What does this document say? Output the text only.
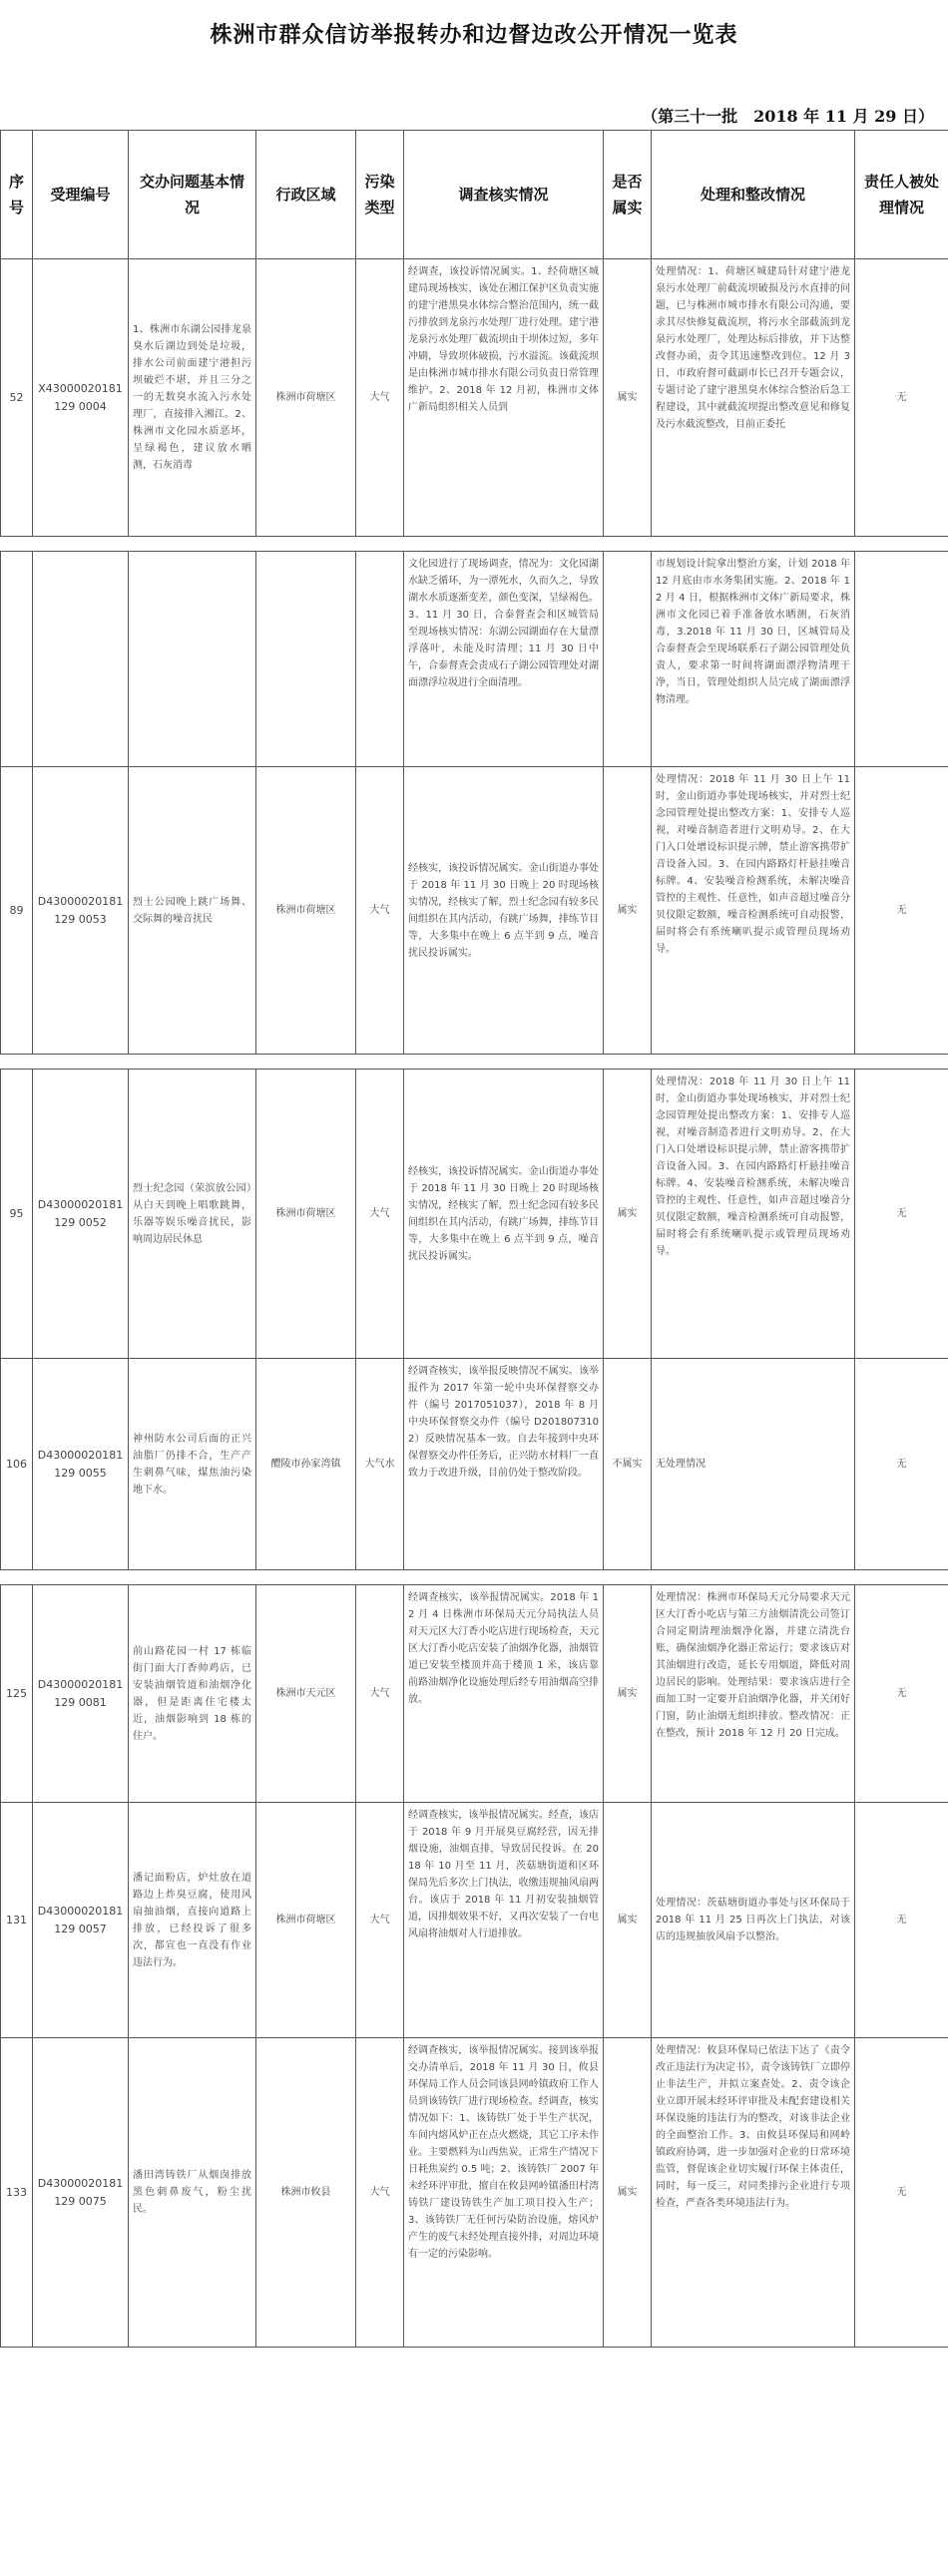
株洲市群众信访举报转办和边督边改公开情况一览表
（第三十一批　2018 年 11 月 29 日）
序号	受理编号	交办问题基本情况	行政区域	污染类型	调查核实情况	是否属实	处理和整改情况	责任人被处理情况
52	X43000020181129 0004	1、株洲市东湖公园排龙泉臭水后湖边到处是垃圾，排水公司前面建宁港担污坝破烂不堪，并且三分之一的无数臭水流入污水处理厂，直接排入湘江。2、株洲市文化园水质恶坏，呈绿褐色，建议放水晒测，石灰消毒	株洲市荷塘区	大气	经调查，该投诉情况属实。1、经荷塘区城建局现场核实，该处在湘江保护区负责实施的建宁港黑臭水体综合整治范围内，统一截污排放到龙泉污水处理厂进行处理。建宁港龙泉污水处理厂截流坝由于坝体过短，多年冲刷，导致坝体破损，污水溢流。该截流坝是由株洲市城市排水有限公司负责日常管理维护。2、2018 年 12 月初，株洲市文体广新局组织相关人员到	属实	处理情况：1、荷塘区城建局针对建宁港龙泉污水处理厂前截流坝破损及污水直排的问题，已与株洲市城市排水有限公司沟通，要求其尽快修复截流坝，将污水全部截流到龙泉污水处理厂，处理达标后排放，并下达整改督办函，责令其迅速整改到位。12 月 3 日，市政府督可截副市长已召开专题会议，专题讨论了建宁港黑臭水体综合整治后急工程建设，其中就截流坝提出整改意见和修复及污水截流整改，目前正委托	无

					文化园进行了现场调查，情况为：文化园湖水缺乏循环，为一潭死水，久而久之，导致湖水水质逐渐变差，颜色变深，呈绿褐色。3、11 月 30 日，合泰督查会和区城管局至现场核实情况：东湖公园湖面存在大量漂浮落叶，未能及时清理；11 月 30 日中午，合泰督查会责成石子湖公园管理处对湖面漂浮垃圾进行全面清理。		市规划设计院拿出整治方案，计划 2018 年 12 月底由市水务集团实施。2、2018 年 12 月 4 日，根据株洲市文体广新局要求，株洲市文化园已着手准备放水晒测，石灰消毒，3.2018 年 11 月 30 日，区城管局及合泰督查会至现场联系石子湖公园管理处负责人，要求第一时间将湖面漂浮物清理干净，当日，管理处组织人员完成了湖面漂浮物清理。	
89	D43000020181129 0053	烈士公园晚上跳广场舞、交际舞的噪音扰民	株洲市荷塘区	大气	经核实，该投诉情况属实。金山街道办事处于 2018 年 11 月 30 日晚上 20 时现场核实情况，经核实了解，烈士纪念园有较多民间组织在其内活动，有跳广场舞，排练节目等，大多集中在晚上 6 点半到 9 点，噪音扰民投诉属实。	属实	处理情况：2018 年 11 月 30 日上午 11 时，金山街道办事处现场核实，并对烈士纪念园管理处提出整改方案：1、安排专人巡视，对噪音制造者进行文明劝导。2、在大门入口处增设标识提示牌，禁止游客携带扩音设备入园。3、在园内路路灯杆悬挂噪音标牌。4、安装噪音检测系统，未解决噪音管控的主观性、任意性，如声音超过噪音分贝仪限定数额，噪音检测系统可自动报警，届时将会有系统喇叭提示或管理员现场劝导。	无

95	D43000020181129 0052	烈士纪念园（荣滨放公园）从白天到晚上唱歌跳舞，乐器等娱乐噪音扰民，影响周边居民休息	株洲市荷塘区	大气	经核实，该投诉情况属实。金山街道办事处于 2018 年 11 月 30 日晚上 20 时现场核实情况，经核实了解，烈士纪念园有较多民间组织在其内活动，有跳广场舞，排练节目等，大多集中在晚上 6 点半到 9 点，噪音扰民投诉属实。	属实	处理情况：2018 年 11 月 30 日上午 11 时，金山街道办事处现场核实，并对烈士纪念园管理处提出整改方案：1、安排专人巡视，对噪音制造者进行文明劝导。2、在大门入口处增设标识提示牌，禁止游客携带扩音设备入园。3、在园内路路灯杆悬挂噪音标牌。4、安装噪音检测系统，未解决噪音管控的主观性、任意性，如声音超过噪音分贝仪限定数额，噪音检测系统可自动报警，届时将会有系统喇叭提示或管理员现场劝导。	无
106	D43000020181129 0055	神州防水公司后面的正兴油脂厂仍排不合，生产产生刺鼻气味，煤焦油污染地下水。	醴陵市孙家湾镇	大气水	经调查核实，该举报反映情况不属实。该举报件为 2017 年第一轮中央环保督察交办件（编号 2017051037），2018 年 8 月中央环保督察交办件（编号 D2018073102）反映情况基本一致。自去年接到中央环保督察交办件任务后，正兴防水材料厂一直致力于改进升级，目前仍处于整改阶段。	不属实	无处理情况	无

125	D43000020181129 0081	前山路花园一村 17 栋临街门面大汀香帅鸡店，已安装油烟管道和油烟净化器，但是距离住宅楼太近，油烟影响到 18 栋的住户。	株洲市天元区	大气	经调查核实，该举报情况属实。2018 年 12 月 4 日株洲市环保局天元分局执法人员对天元区大汀香小吃店进行现场检查，天元区大汀香小吃店安装了油烟净化器，油烟管道已安装至楼顶并高于楼顶 1 米，该店靠前路油烟净化设施处理后经专用油烟高空排放。	属实	处理情况：株洲市环保局天元分局要求天元区大汀香小吃店与第三方油烟清洗公司签订合同定期清理油烟净化器，并建立清洗台账，确保油烟净化器正常运行；要求该店对其油烟进行改造，延长专用烟道，降低对周边居民的影响。处理结果：要求该店进行全面加工时一定要开启油烟净化器，并关闭好门窗，防止油烟无组织排放。整改情况：正在整改，预计 2018 年 12 月 20 日完成。	无
131	D43000020181129 0057	潘记面粉店，炉灶放在道路边上炸臭豆腐，使用风扇抽油烟，直接向道路上排放，已经投诉了很多次，都宣也一直没有作业违法行为。	株洲市荷塘区	大气	经调查核实，该举报情况属实。经查，该店于 2018 年 9 月开展臭豆腐经营，因无排烟设施，油烟直排，导致居民投诉。在 2018 年 10 月至 11 月，茨菇塘街道和区环保局先后多次上门执法，收缴违规抽风扇两台。该店于 2018 年 11 月初安装抽烟管道，因排烟效果不好，又再次安装了一台电风扇将油烟对人行道排放。	属实	处理情况：茨菇塘街道办事处与区环保局于 2018 年 11 月 25 日再次上门执法，对该店的违规抽放风扇予以整治。	无
133	D43000020181129 0075	潘田湾铸铁厂从烟囱排放黑色刺鼻废气，粉尘扰民。	株洲市攸县	大气	经调查核实，该举报情况属实。接到该举报交办清单后，2018 年 11 月 30 日，攸县环保局工作人员会同该县网岭镇政府工作人员到该铸铁厂进行现场检查。经调查，核实情况如下：1、该铸铁厂处于半生产状况，车间内熔风炉正在点火燃烧，其它工序未作业。主要燃料为山西焦炭，正常生产情况下日耗焦炭约 0.5 吨；2、该铸铁厂 2007 年未经环评审批，擅自在攸县网岭镇潘田村湾铸铁厂建设铸铁生产加工项目投入生产；3、该铸铁厂无任何污染防治设施，熔风炉产生的废气未经处理直接外排，对周边环境有一定的污染影响。	属实	处理情况：攸县环保局已依法下达了《责令改正违法行为决定书》，责令该铸铁厂立即停止非法生产，并拟立案查处。2、责令该企业立即开展未经环评审批及未配套建设相关环保设施的违法行为的整改，对该非法企业的全面整治工作。3、由攸县环保局和网岭镇政府协调，进一步加强对企业的日常环境监管，督促该企业切实履行环保主体责任，同时，每一反三，对同类排污企业进行专项检查，严查各类环境违法行为。	无
